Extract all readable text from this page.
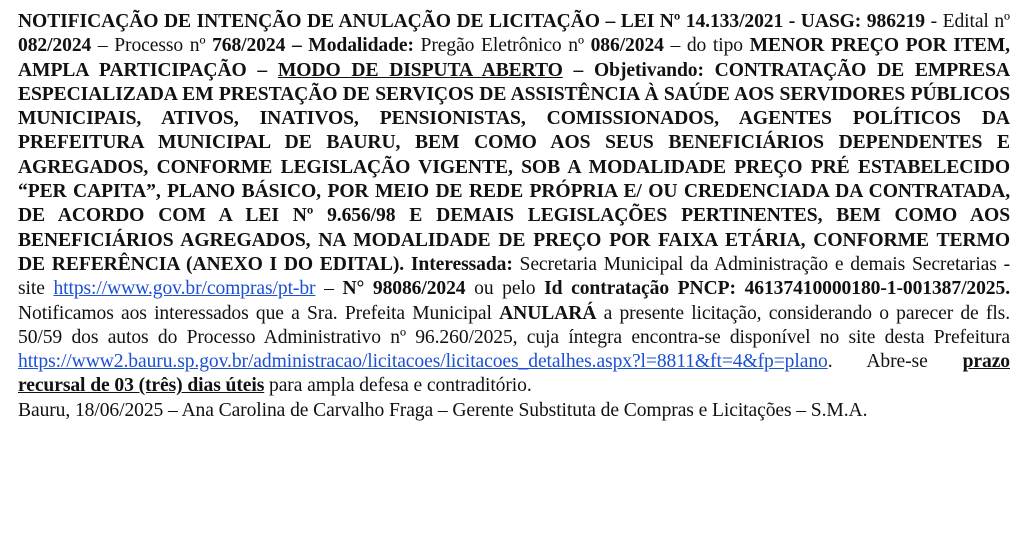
NOTIFICAÇÃO DE INTENÇÃO DE ANULAÇÃO DE LICITAÇÃO – LEI Nº 14.133/2021 - UASG: 986219 - Edital nº 082/2024 – Processo nº 768/2024 – Modalidade: Pregão Eletrônico nº 086/2024 – do tipo MENOR PREÇO POR ITEM, AMPLA PARTICIPAÇÃO – MODO DE DISPUTA ABERTO – Objetivando: CONTRATAÇÃO DE EMPRESA ESPECIALIZADA EM PRESTAÇÃO DE SERVIÇOS DE ASSISTÊNCIA À SAÚDE AOS SERVIDORES PÚBLICOS MUNICIPAIS, ATIVOS, INATIVOS, PENSIONISTAS, COMISSIONADOS, AGENTES POLÍTICOS DA PREFEITURA MUNICIPAL DE BAURU, BEM COMO AOS SEUS BENEFICIÁRIOS DEPENDENTES E AGREGADOS, CONFORME LEGISLAÇÃO VIGENTE, SOB A MODALIDADE PREÇO PRÉ ESTABELECIDO “PER CAPITA”, PLANO BÁSICO, POR MEIO DE REDE PRÓPRIA E/ OU CREDENCIADA DA CONTRATADA, DE ACORDO COM A LEI Nº 9.656/98 E DEMAIS LEGISLAÇÕES PERTINENTES, BEM COMO AOS BENEFICIÁRIOS AGREGADOS, NA MODALIDADE DE PREÇO POR FAIXA ETÁRIA, CONFORME TERMO DE REFERÊNCIA (ANEXO I DO EDITAL). Interessada: Secretaria Municipal da Administração e demais Secretarias - site https://www.gov.br/compras/pt-br – N° 98086/2024 ou pelo Id contratação PNCP: 46137410000180-1-001387/2025. Notificamos aos interessados que a Sra. Prefeita Municipal ANULARÁ a presente licitação, considerando o parecer de fls. 50/59 dos autos do Processo Administrativo nº 96.260/2025, cuja íntegra encontra-se disponível no site desta Prefeitura https://www2.bauru.sp.gov.br/administracao/licitacoes/licitacoes_detalhes.aspx?l=8811&ft=4&fp=plano. Abre-se prazo recursal de 03 (três) dias úteis para ampla defesa e contraditório.

Bauru, 18/06/2025 – Ana Carolina de Carvalho Fraga – Gerente Substituta de Compras e Licitações – S.M.A.
